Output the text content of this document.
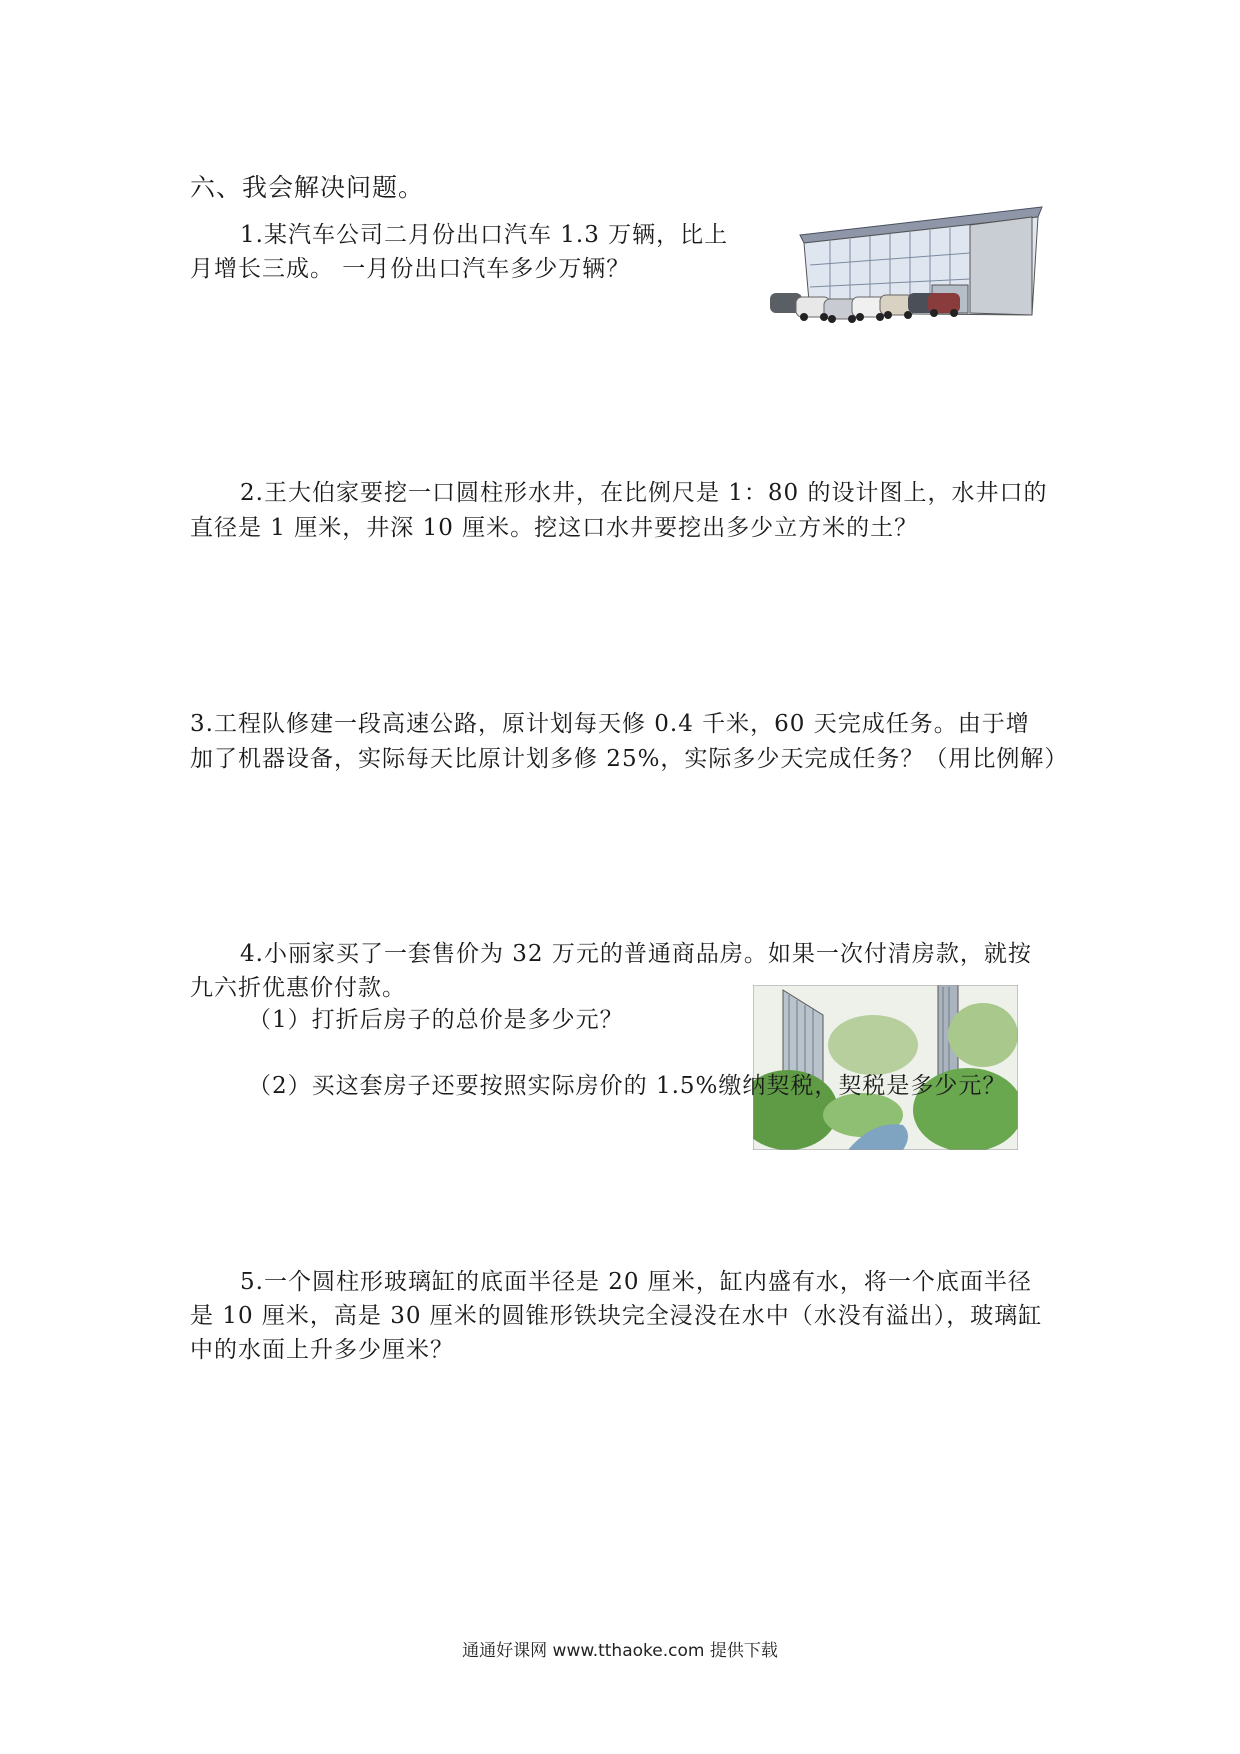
六、我会解决问题。
1.某汽车公司二月份出口汽车 1.3 万辆，比上
月增长三成。 一月份出口汽车多少万辆？
2.王大伯家要挖一口圆柱形水井，在比例尺是 1：80 的设计图上，水井口的
直径是 1 厘米，井深 10 厘米。挖这口水井要挖出多少立方米的土？
3.工程队修建一段高速公路，原计划每天修 0.4 千米，60 天完成任务。由于增
加了机器设备，实际每天比原计划多修 25%，实际多少天完成任务？（用比例解）
4.小丽家买了一套售价为 32 万元的普通商品房。如果一次付清房款，就按
九六折优惠价付款。
（1）打折后房子的总价是多少元？
（2）买这套房子还要按照实际房价的 1.5%缴纳契税，契税是多少元？
5.一个圆柱形玻璃缸的底面半径是 20 厘米，缸内盛有水，将一个底面半径
是 10 厘米，高是 30 厘米的圆锥形铁块完全浸没在水中（水没有溢出），玻璃缸
中的水面上升多少厘米？
通通好课网 www.tthaoke.com 提供下载
